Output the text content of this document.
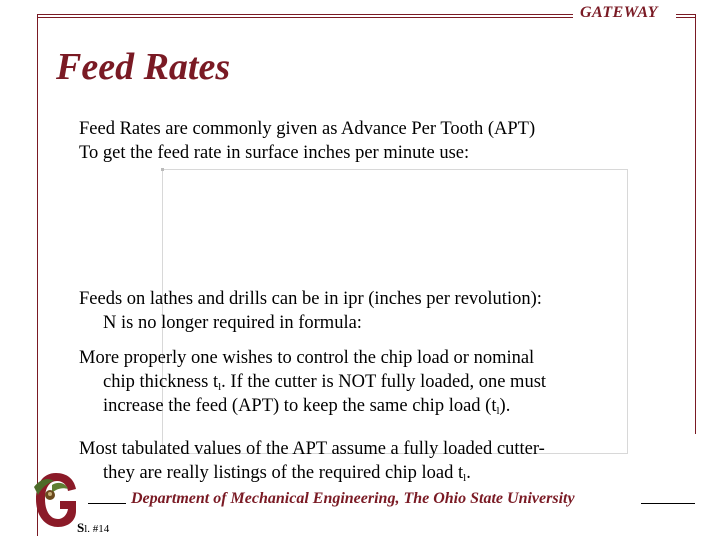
GATEWAY
Feed Rates

Feed Rates are commonly given as Advance Per Tooth (APT)
To get the feed rate in surface inches per minute use:

Feeds on lathes and drills can be in ipr (inches per revolution):
N is no longer required in formula:

More properly one wishes to control the chip load or nominal
chip thickness $t_l$. If the cutter is NOT fully loaded, one must
increase the feed (APT) to keep the same chip load $(t_l)$.

Most tabulated values of the APT assume a fully loaded cutter-
they are really listings of the required chip load $t_l$.

Department of Mechanical Engineering, The Ohio State University
Sl. #14
